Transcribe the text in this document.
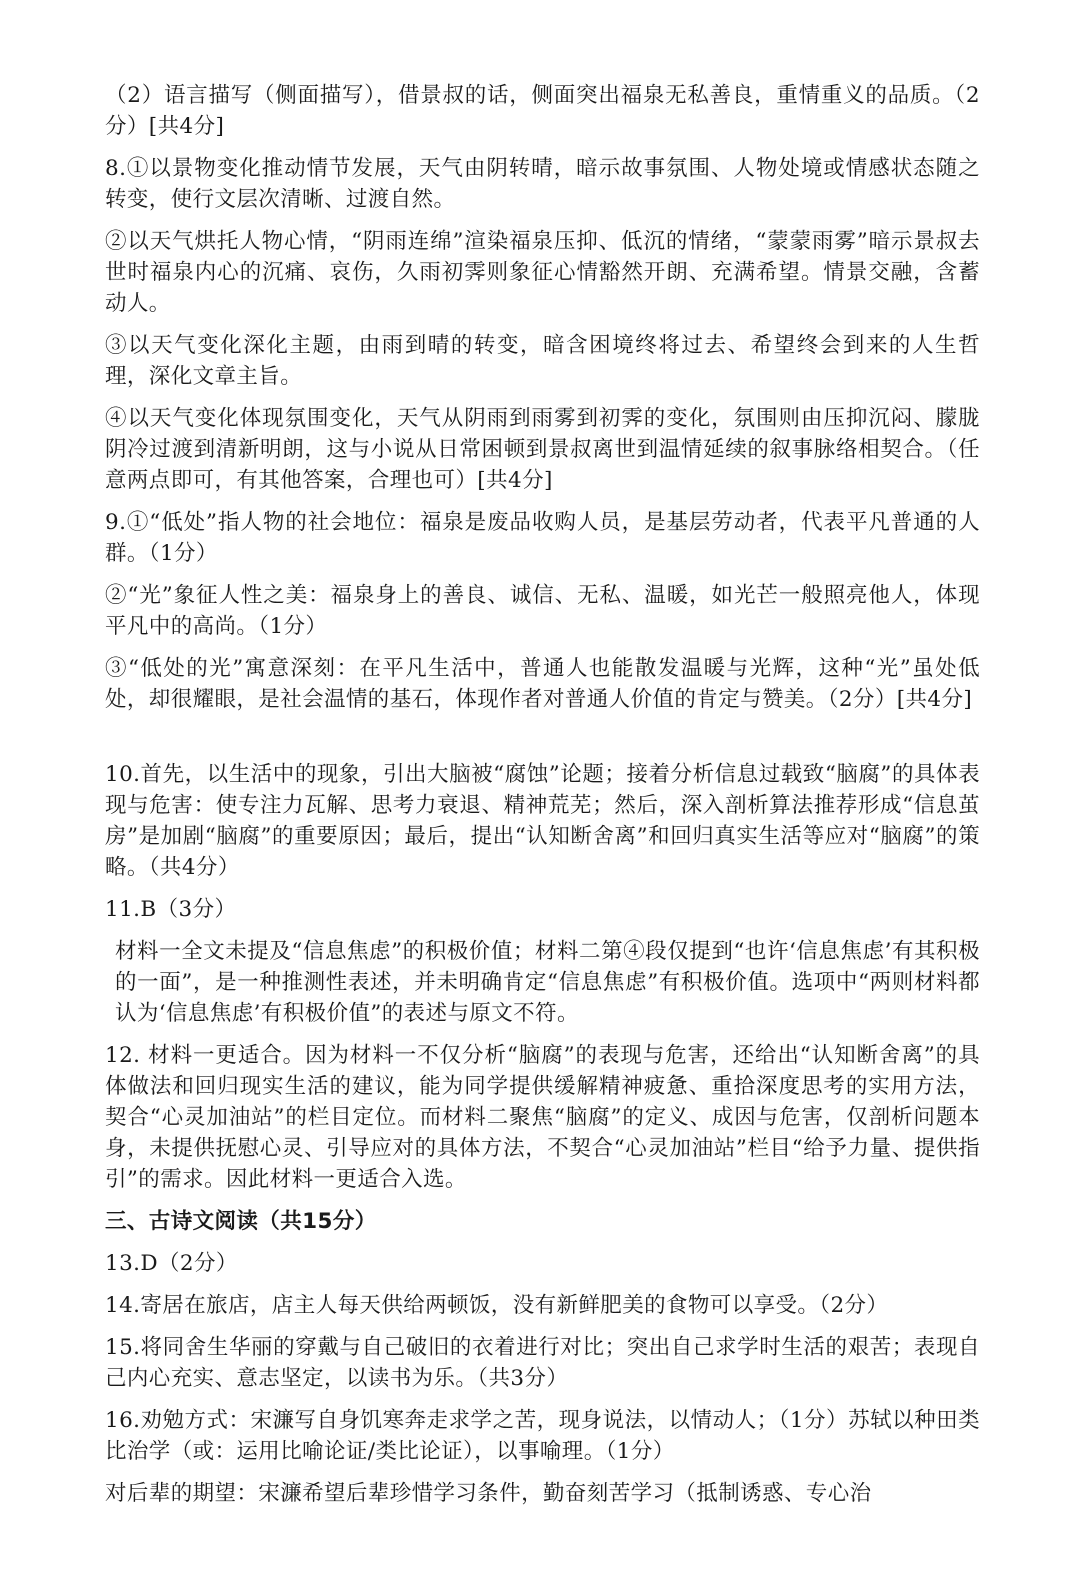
（2）语言描写（侧面描写），借景叔的话，侧面突出福泉无私善良，重情重义的品质。（2分）[共4分]

8.①以景物变化推动情节发展，天气由阴转晴，暗示故事氛围、人物处境或情感状态随之转变，使行文层次清晰、过渡自然。

②以天气烘托人物心情，“阴雨连绵”渲染福泉压抑、低沉的情绪，“蒙蒙雨雾”暗示景叔去世时福泉内心的沉痛、哀伤，久雨初霁则象征心情豁然开朗、充满希望。情景交融，含蓄动人。

③以天气变化深化主题，由雨到晴的转变，暗含困境终将过去、希望终会到来的人生哲理，深化文章主旨。

④以天气变化体现氛围变化，天气从阴雨到雨雾到初霁的变化，氛围则由压抑沉闷、朦胧阴冷过渡到清新明朗，这与小说从日常困顿到景叔离世到温情延续的叙事脉络相契合。（任意两点即可，有其他答案，合理也可）[共4分]

9.①“低处”指人物的社会地位：福泉是废品收购人员，是基层劳动者，代表平凡普通的人群。（1分）

②“光”象征人性之美：福泉身上的善良、诚信、无私、温暖，如光芒一般照亮他人，体现平凡中的高尚。（1分）

③“低处的光”寓意深刻：在平凡生活中，普通人也能散发温暖与光辉，这种“光”虽处低处，却很耀眼，是社会温情的基石，体现作者对普通人价值的肯定与赞美。（2分）[共4分]

10.首先，以生活中的现象，引出大脑被“腐蚀”论题；接着分析信息过载致“脑腐”的具体表现与危害：使专注力瓦解、思考力衰退、精神荒芜；然后，深入剖析算法推荐形成“信息茧房”是加剧“脑腐”的重要原因；最后，提出“认知断舍离”和回归真实生活等应对“脑腐”的策略。（共4分）

11.B（3分）

材料一全文未提及“信息焦虑”的积极价值；材料二第④段仅提到“也许‘信息焦虑’有其积极的一面”，是一种推测性表述，并未明确肯定“信息焦虑”有积极价值。选项中“两则材料都认为‘信息焦虑’有积极价值”的表述与原文不符。

12. 材料一更适合。因为材料一不仅分析“脑腐”的表现与危害，还给出“认知断舍离”的具体做法和回归现实生活的建议，能为同学提供缓解精神疲惫、重拾深度思考的实用方法，契合“心灵加油站”的栏目定位。而材料二聚焦“脑腐”的定义、成因与危害，仅剖析问题本身，未提供抚慰心灵、引导应对的具体方法，不契合“心灵加油站”栏目“给予力量、提供指引”的需求。因此材料一更适合入选。

三、古诗文阅读（共15分）

13.D（2分）

14.寄居在旅店，店主人每天供给两顿饭，没有新鲜肥美的食物可以享受。（2分）

15.将同舍生华丽的穿戴与自己破旧的衣着进行对比；突出自己求学时生活的艰苦；表现自己内心充实、意志坚定，以读书为乐。（共3分）

16.劝勉方式：宋濂写自身饥寒奔走求学之苦，现身说法，以情动人；（1分）苏轼以种田类比治学（或：运用比喻论证/类比论证），以事喻理。（1分）

对后辈的期望：宋濂希望后辈珍惜学习条件，勤奋刻苦学习（抵制诱惑、专心治
